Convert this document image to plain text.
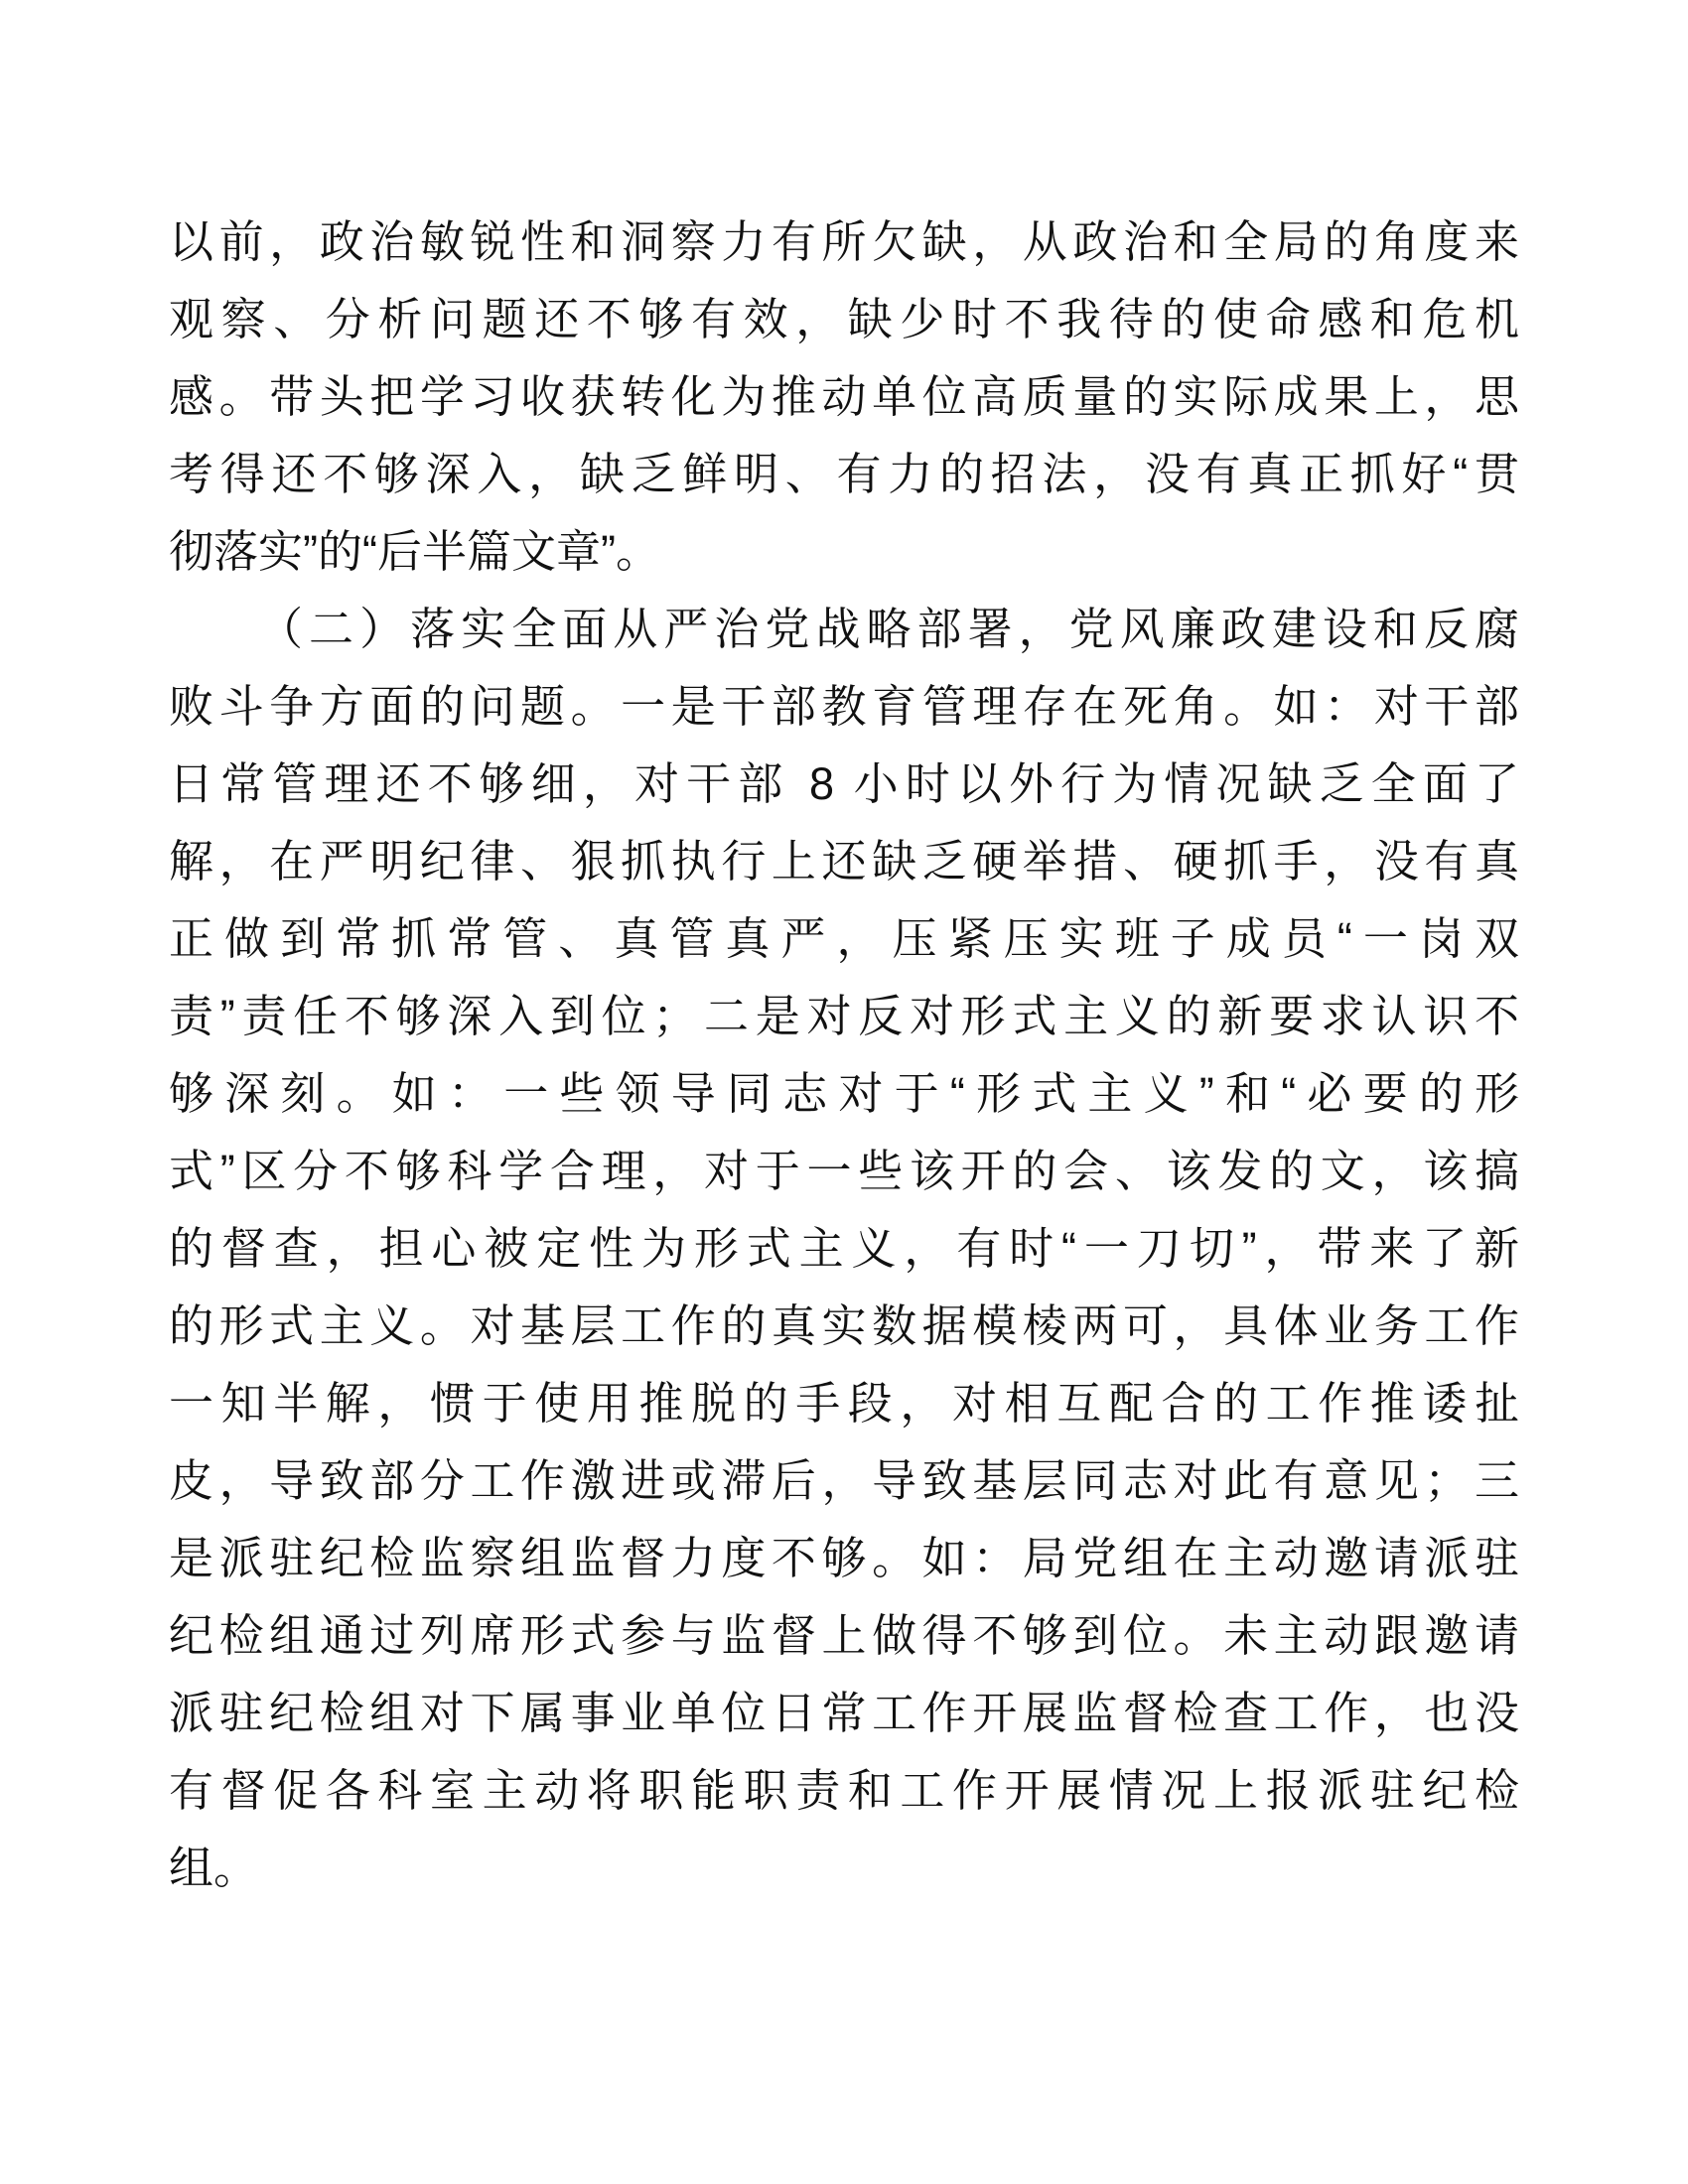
以前，政治敏锐性和洞察力有所欠缺，从政治和全局的角度来
观察、分析问题还不够有效，缺少时不我待的使命感和危机
感。带头把学习收获转化为推动单位高质量的实际成果上，思
考得还不够深入，缺乏鲜明、有力的招法，没有真正抓好“贯
彻落实”的“后半篇文章”。
（二）落实全面从严治党战略部署，党风廉政建设和反腐
败斗争方面的问题。一是干部教育管理存在死角。如：对干部
日常管理还不够细，对干部 8 小时以外行为情况缺乏全面了
解，在严明纪律、狠抓执行上还缺乏硬举措、硬抓手，没有真
正做到常抓常管、真管真严，压紧压实班子成员“一岗双
责”责任不够深入到位；二是对反对形式主义的新要求认识不
够深刻。如：一些领导同志对于“形式主义”和“必要的形
式”区分不够科学合理，对于一些该开的会、该发的文，该搞
的督查，担心被定性为形式主义，有时“一刀切”，带来了新
的形式主义。对基层工作的真实数据模棱两可，具体业务工作
一知半解，惯于使用推脱的手段，对相互配合的工作推诿扯
皮，导致部分工作激进或滞后，导致基层同志对此有意见；三
是派驻纪检监察组监督力度不够。如：局党组在主动邀请派驻
纪检组通过列席形式参与监督上做得不够到位。未主动跟邀请
派驻纪检组对下属事业单位日常工作开展监督检查工作，也没
有督促各科室主动将职能职责和工作开展情况上报派驻纪检
组。
